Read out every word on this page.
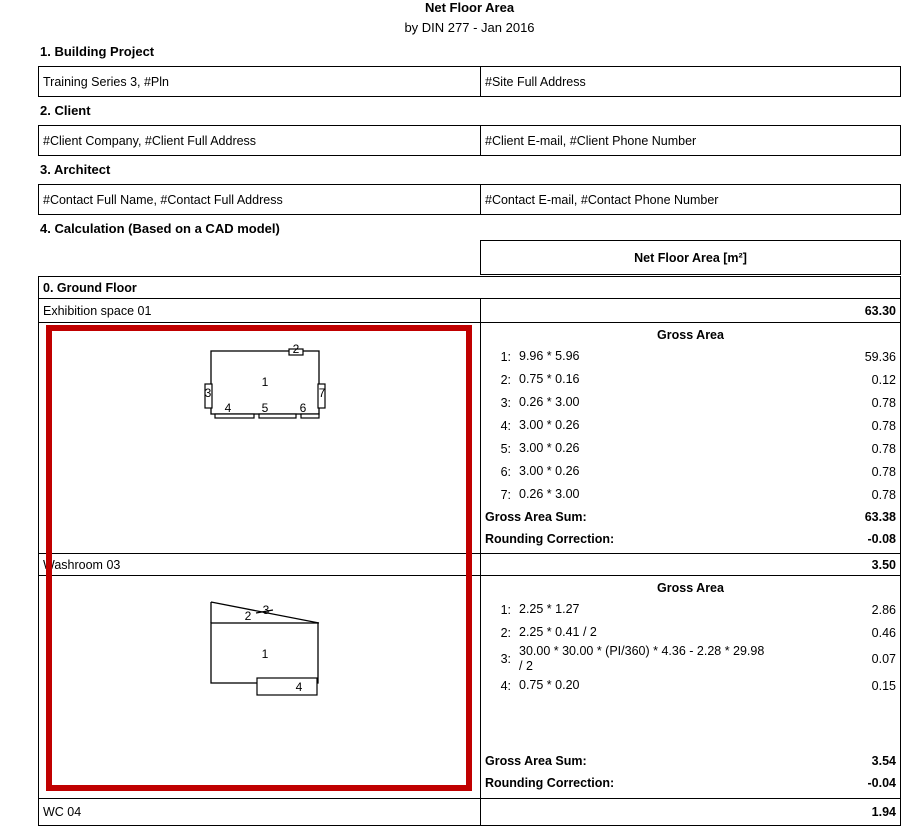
Net Floor Area
by DIN 277 - Jan 2016
1. Building Project
Training Series 3, #Pln	#Site Full Address
2. Client
#Client Company, #Client Full Address	#Client E-mail, #Client Phone Number
3. Architect
#Contact Full Name, #Contact Full Address	#Contact E-mail, #Contact Phone Number
4. Calculation (Based on a CAD model)
Net Floor Area [m²]
0. Ground Floor
Exhibition space 01	63.30
1
2
3
4	5	6
7
Gross Area
1: 9.96 * 5.96	59.36
2: 0.75 * 0.16	0.12
3: 0.26 * 3.00	0.78
4: 3.00 * 0.26	0.78
5: 3.00 * 0.26	0.78
6: 3.00 * 0.26	0.78
7: 0.26 * 3.00	0.78
Gross Area Sum:	63.38
Rounding Correction:	-0.08
Washroom 03	3.50
1
2 3
4
Gross Area
1: 2.25 * 1.27	2.86
2: 2.25 * 0.41 / 2	0.46
3:
30.00 * 30.00 * (PI/360) * 4.36 - 2.28 * 29.98 / 2	0.07
4: 0.75 * 0.20	0.15
Gross Area Sum:	3.54
Rounding Correction:	-0.04
WC 04	1.94
